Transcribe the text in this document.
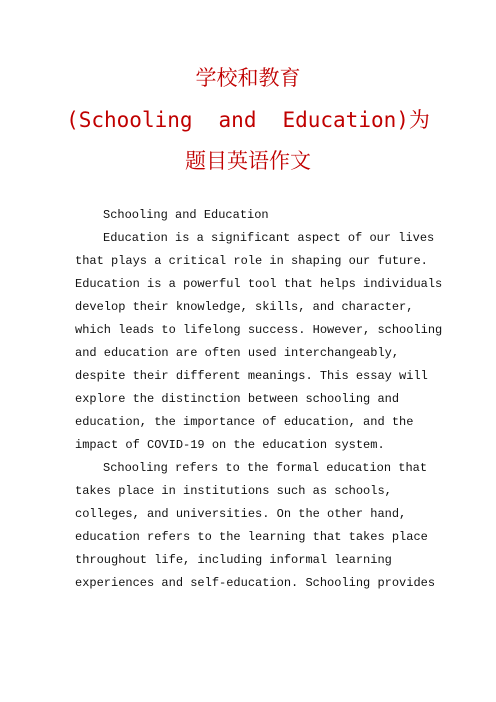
学校和教育
(Schooling and Education)为
题目英语作文
Schooling and Education
Education is a significant aspect of our lives
that plays a critical role in shaping our future.
Education is a powerful tool that helps individuals
develop their knowledge, skills, and character,
which leads to lifelong success. However, schooling
and education are often used interchangeably,
despite their different meanings. This essay will
explore the distinction between schooling and
education, the importance of education, and the
impact of COVID-19 on the education system.
Schooling refers to the formal education that
takes place in institutions such as schools,
colleges, and universities. On the other hand,
education refers to the learning that takes place
throughout life, including informal learning
experiences and self-education. Schooling provides
